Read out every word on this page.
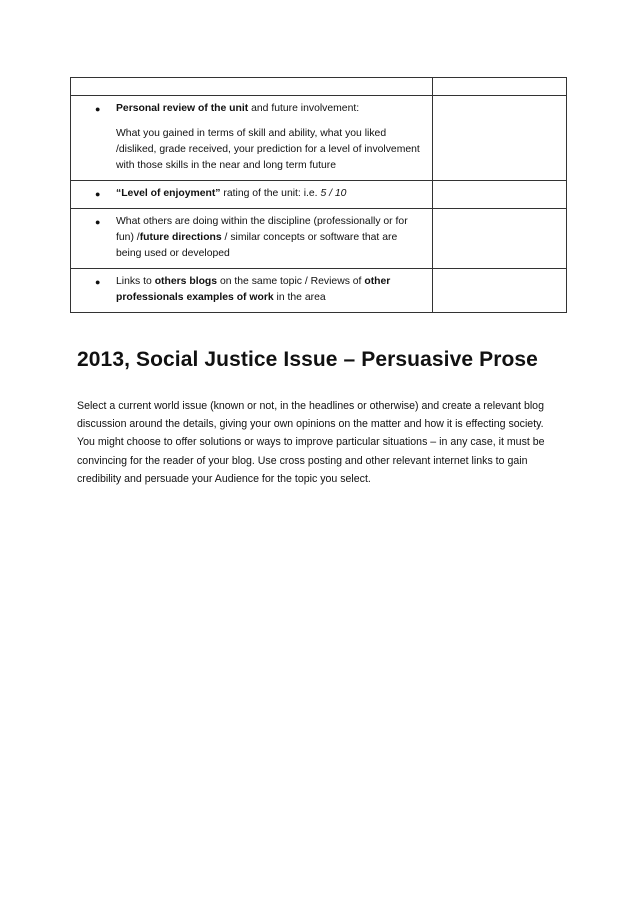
● Personal review of the unit and future involvement:
What you gained in terms of skill and ability, what you liked /disliked, grade received, your prediction for a level of involvement with those skills in the near and long term future	

● “Level of enjoyment” rating of the unit: i.e. 5 / 10	

● What others are doing within the discipline (professionally or for fun) /future directions / similar concepts or software that are being used or developed	

● Links to others blogs on the same topic / Reviews of other professionals examples of work in the area	

2013, Social Justice Issue – Persuasive Prose

Select a current world issue (known or not, in the headlines or otherwise) and create a relevant blog discussion around the details, giving your own opinions on the matter and how it is effecting society. You might choose to offer solutions or ways to improve particular situations – in any case, it must be convincing for the reader of your blog. Use cross posting and other relevant internet links to gain credibility and persuade your Audience for the topic you select.
